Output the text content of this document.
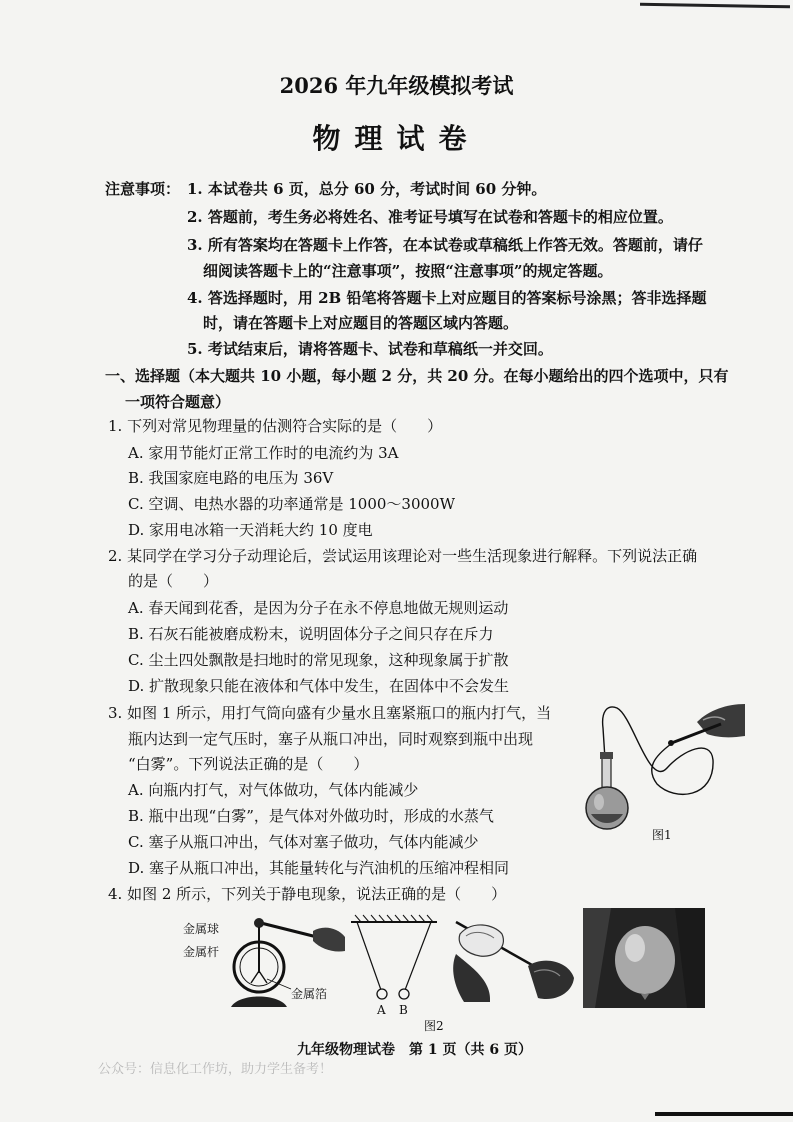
2026 年九年级模拟考试
物理试卷
注意事项： 1. 本试卷共 6 页，总分 60 分，考试时间 60 分钟。
2. 答题前，考生务必将姓名、准考证号填写在试卷和答题卡的相应位置。
3. 所有答案均在答题卡上作答，在本试卷或草稿纸上作答无效。答题前，请仔
细阅读答题卡上的“注意事项”，按照“注意事项”的规定答题。
4. 答选择题时，用 2B 铅笔将答题卡上对应题目的答案标号涂黑；答非选择题
时，请在答题卡上对应题目的答题区域内答题。
5. 考试结束后，请将答题卡、试卷和草稿纸一并交回。
一、选择题（本大题共 10 小题，每小题 2 分，共 20 分。在每小题给出的四个选项中，只有
一项符合题意）
1. 下列对常见物理量的估测符合实际的是（　　）
A. 家用节能灯正常工作时的电流约为 3A
B. 我国家庭电路的电压为 36V
C. 空调、电热水器的功率通常是 1000～3000W
D. 家用电冰箱一天消耗大约 10 度电
2. 某同学在学习分子动理论后，尝试运用该理论对一些生活现象进行解释。下列说法正确
的是（　　）
A. 春天闻到花香，是因为分子在永不停息地做无规则运动
B. 石灰石能被磨成粉末，说明固体分子之间只存在斥力
C. 尘土四处飘散是扫地时的常见现象，这种现象属于扩散
D. 扩散现象只能在液体和气体中发生，在固体中不会发生
3. 如图 1 所示，用打气筒向盛有少量水且塞紧瓶口的瓶内打气，当
瓶内达到一定气压时，塞子从瓶口冲出，同时观察到瓶中出现
“白雾”。下列说法正确的是（　　）
A. 向瓶内打气，对气体做功，气体内能减少
B. 瓶中出现“白雾”，是气体对外做功时，形成的水蒸气
C. 塞子从瓶口冲出，气体对塞子做功，气体内能减少
D. 塞子从瓶口冲出，其能量转化与汽油机的压缩冲程相同
图1
4. 如图 2 所示，下列关于静电现象，说法正确的是（　　）
金属球
金属杆
金属箔
A B
图2
九年级物理试卷　第 1 页（共 6 页）
公众号：信息化工作坊，助力学生备考！
